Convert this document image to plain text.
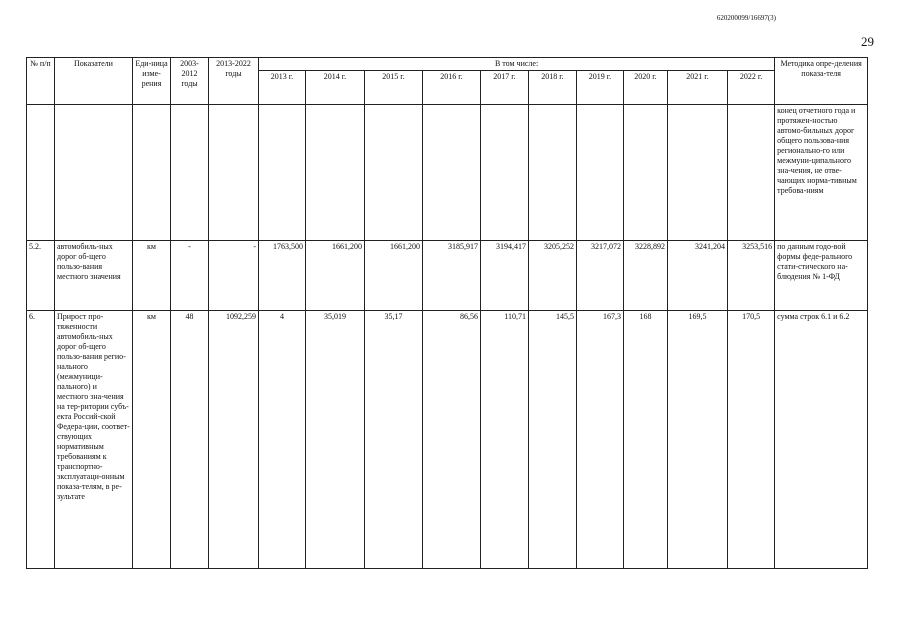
620200099/16697(3)
29
№ п/п	Показатели	Еди-ница изме-рения	2003-2012 годы	2013-2022 годы	В том числе:										Методика опре-деления показа-теля
					2013 г.	2014 г.	2015 г.	2016 г.	2017 г.	2018 г.	2019 г.	2020 г.	2021 г.	2022 г.	
															конец отчетного года и протяжен-ностью автомо-бильных дорог общего пользова-ния регионально-го или межмуни-ципального зна-чения, не отве-чающих норма-тивным требова-ниям
5.2.	автомобиль-ных дорог об-щего пользо-вания местного значения	км	-	-	1763,500	1661,200	1661,200	3185,917	3194,417	3205,252	3217,072	3228,892	3241,204	3253,516	по данным годо-вой формы феде-рального стати-стического на-блюдения № 1-ФД
6.	Прирост про-тяженности автомобиль-ных дорог об-щего пользо-вания регио-нального (межмуници-пального) и местного зна-чения на тер-ритории субъ-екта Россий-ской Федера-ции, соответ-ствующих нормативным требованиям к транспортно-эксплуатаци-онным показа-телям, в ре-зультате	км	48	1092,259	4	35,019	35,17	86,56	110,71	145,5	167,3	168	169,5	170,5	сумма строк 6.1 и 6.2
